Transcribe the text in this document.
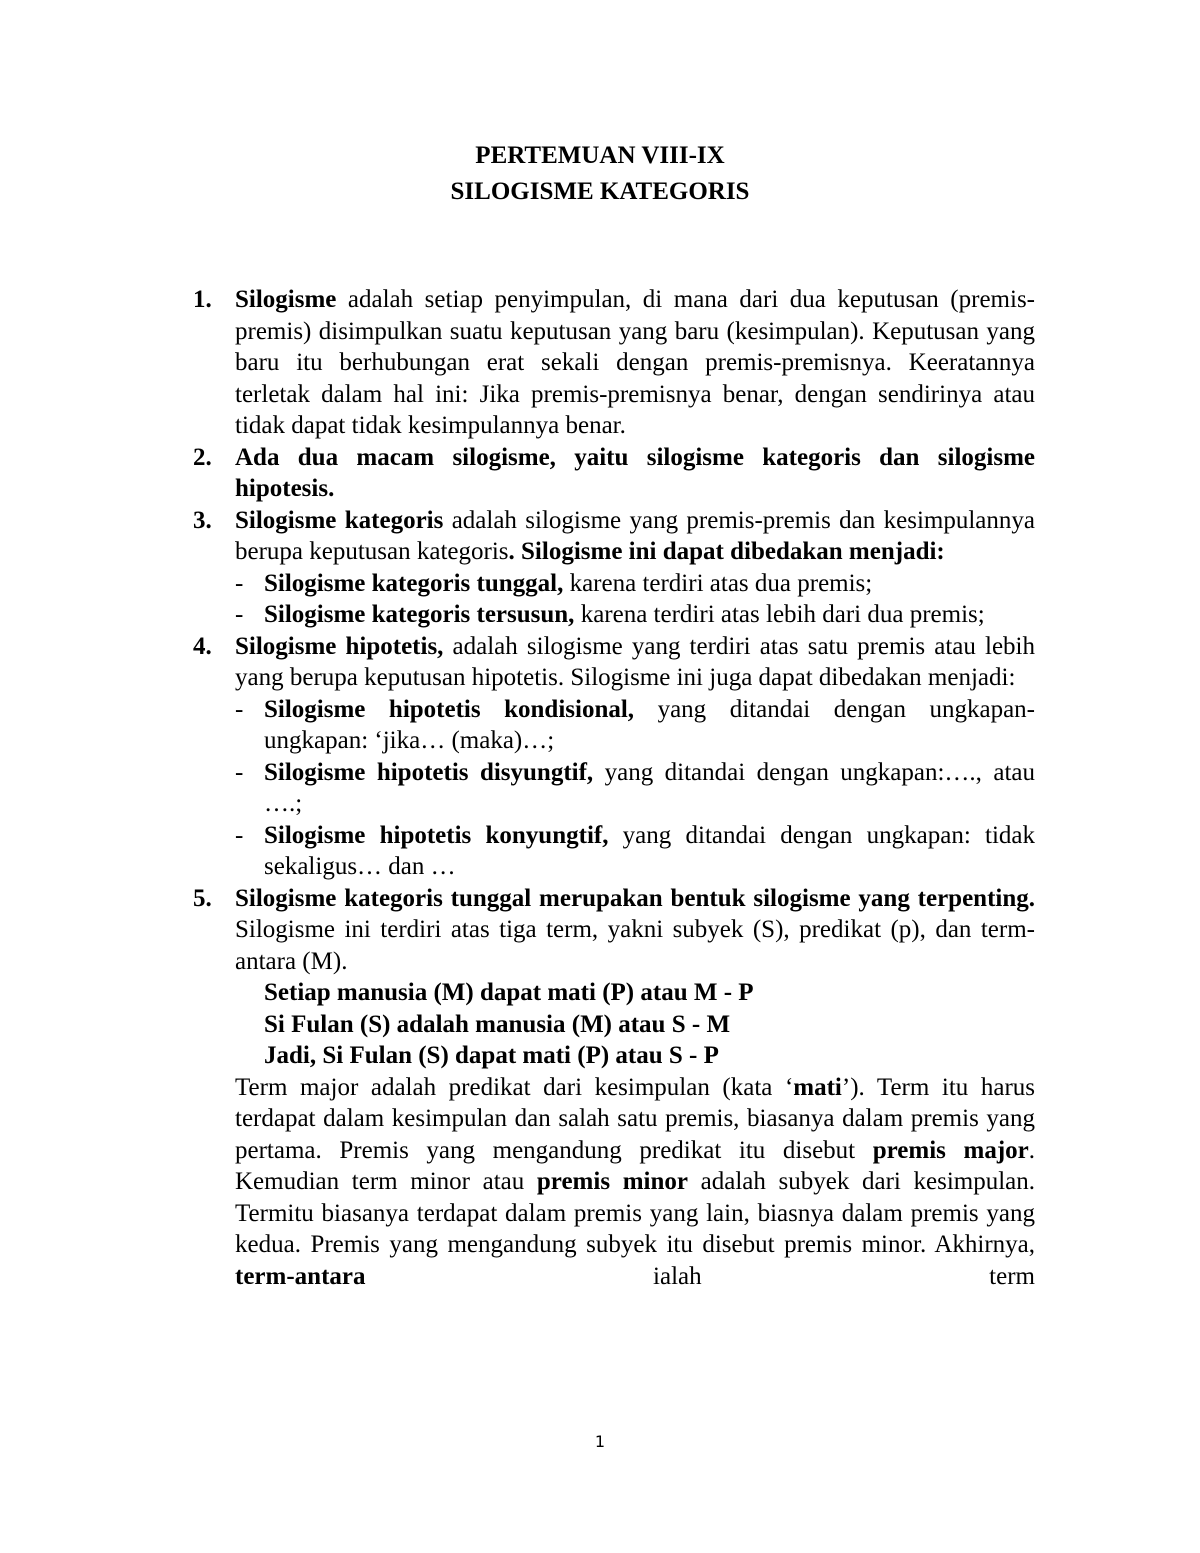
PERTEMUAN VIII-IX
SILOGISME KATEGORIS
1. Silogisme adalah setiap penyimpulan, di mana dari dua keputusan (premis-premis) disimpulkan suatu keputusan yang baru (kesimpulan). Keputusan yang baru itu berhubungan erat sekali dengan premis-premisnya. Keeratannya terletak dalam hal ini: Jika premis-premisnya benar, dengan sendirinya atau tidak dapat tidak kesimpulannya benar.
2. Ada dua macam silogisme, yaitu silogisme kategoris dan silogisme hipotesis.
3. Silogisme kategoris adalah silogisme yang premis-premis dan kesimpulannya berupa keputusan kategoris. Silogisme ini dapat dibedakan menjadi:
- Silogisme kategoris tunggal, karena terdiri atas dua premis;
- Silogisme kategoris tersusun, karena terdiri atas lebih dari dua premis;
4. Silogisme hipotetis, adalah silogisme yang terdiri atas satu premis atau lebih yang berupa keputusan hipotetis. Silogisme ini juga dapat dibedakan menjadi:
- Silogisme hipotetis kondisional, yang ditandai dengan ungkapan-ungkapan: ‘jika… (maka)…;
- Silogisme hipotetis disyungtif, yang ditandai dengan ungkapan:…., atau ….;
- Silogisme hipotetis konyungtif, yang ditandai dengan ungkapan: tidak sekaligus… dan …
5. Silogisme kategoris tunggal merupakan bentuk silogisme yang terpenting. Silogisme ini terdiri atas tiga term, yakni subyek (S), predikat (p), dan term-antara (M).
Setiap manusia (M) dapat mati (P) atau M - P
Si Fulan (S) adalah manusia (M) atau S - M
Jadi, Si Fulan (S) dapat mati (P) atau S - P
Term major adalah predikat dari kesimpulan (kata ‘mati’). Term itu harus terdapat dalam kesimpulan dan salah satu premis, biasanya dalam premis yang pertama. Premis yang mengandung predikat itu disebut premis major. Kemudian term minor atau premis minor adalah subyek dari kesimpulan. Termitu biasanya terdapat dalam premis yang lain, biasnya dalam premis yang kedua. Premis yang mengandung subyek itu disebut premis minor. Akhirnya, term-antara ialah term
1
